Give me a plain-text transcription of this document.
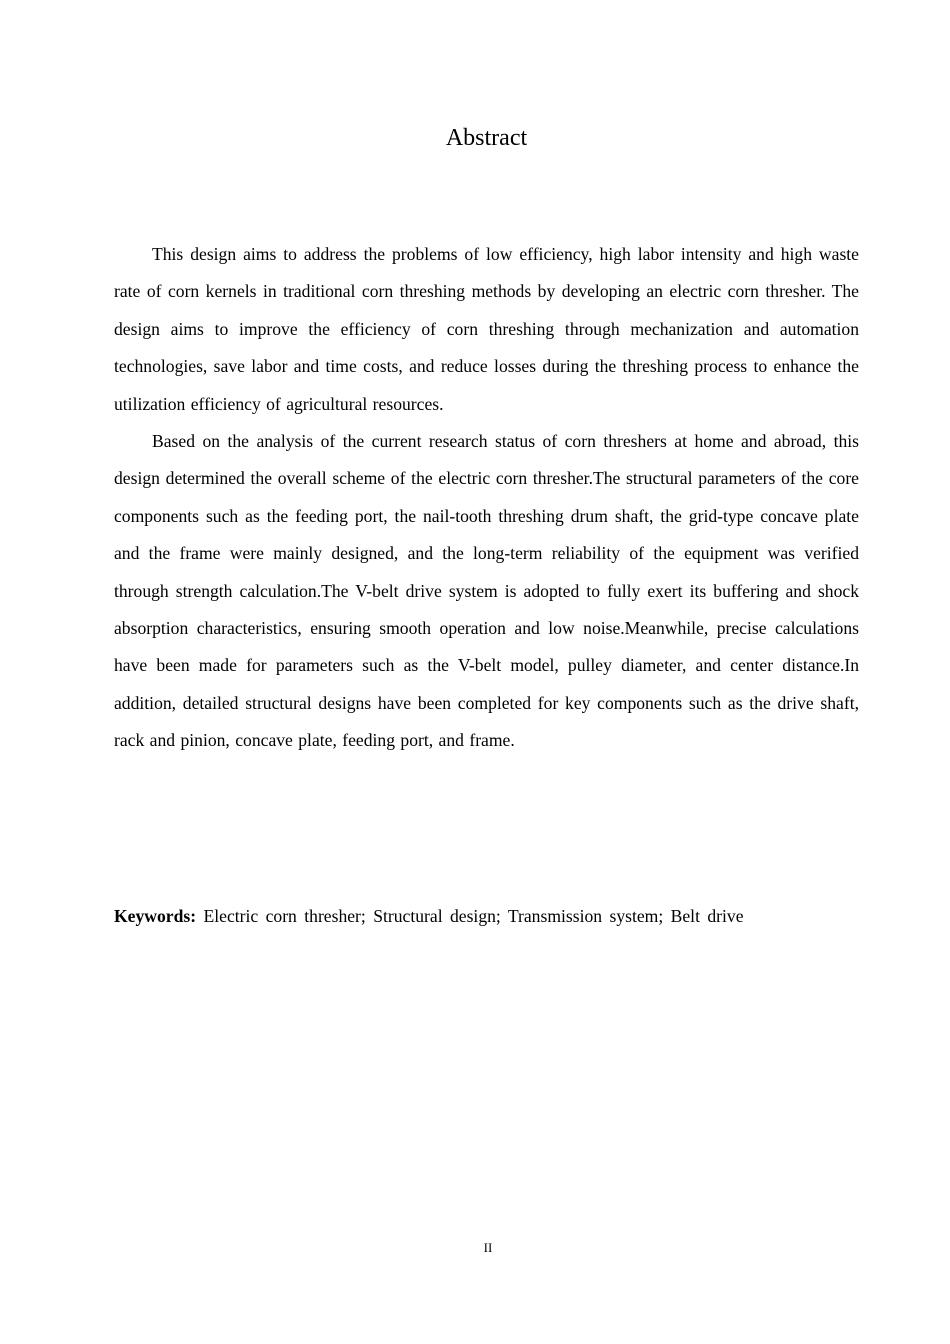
Abstract

This design aims to address the problems of low efficiency, high labor intensity and high waste rate of corn kernels in traditional corn threshing methods by developing an electric corn thresher. The design aims to improve the efficiency of corn threshing through mechanization and automation technologies, save labor and time costs, and reduce losses during the threshing process to enhance the utilization efficiency of agricultural resources.

Based on the analysis of the current research status of corn threshers at home and abroad, this design determined the overall scheme of the electric corn thresher.The structural parameters of the core components such as the feeding port, the nail-tooth threshing drum shaft, the grid-type concave plate and the frame were mainly designed, and the long-term reliability of the equipment was verified through strength calculation.The V-belt drive system is adopted to fully exert its buffering and shock absorption characteristics, ensuring smooth operation and low noise.Meanwhile, precise calculations have been made for parameters such as the V-belt model, pulley diameter, and center distance.In addition, detailed structural designs have been completed for key components such as the drive shaft, rack and pinion, concave plate, feeding port, and frame.

Keywords: Electric corn thresher; Structural design; Transmission system; Belt drive

II
